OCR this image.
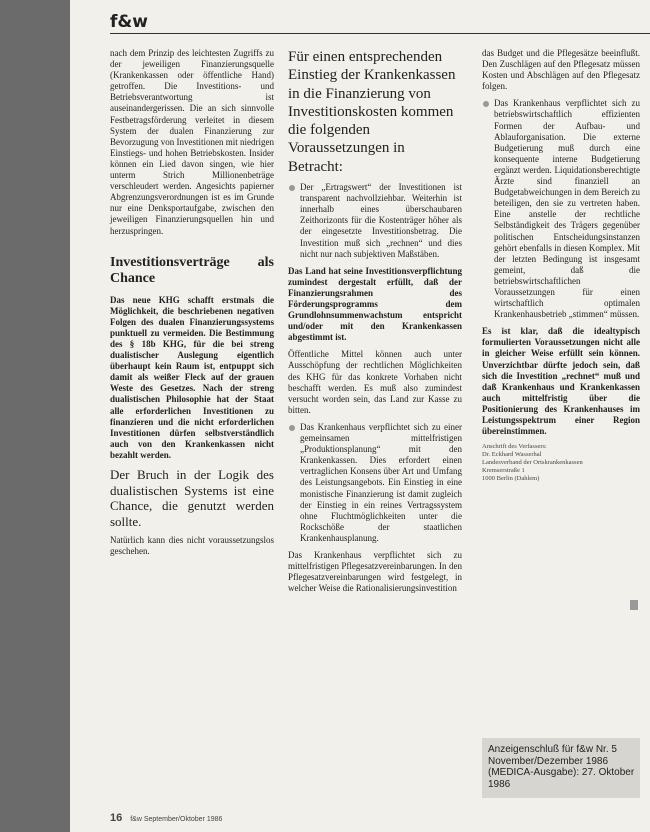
f&w

nach dem Prinzip des leichtesten Zugriffs zu der jeweiligen Finanzierungsquelle (Krankenkassen oder öffentliche Hand) getroffen. Die Investitions- und Betriebsverantwortung ist auseinandergerissen. Die an sich sinnvolle Festbetragsförderung verleitet in diesem System der dualen Finanzierung zur Bevorzugung von Investitionen mit niedrigen Einstiegs- und hohen Betriebskosten. Insider können ein Lied davon singen, wie hier unterm Strich Millionenbeträge verschleudert werden. Angesichts papierner Abgrenzungsverordnungen ist es im Grunde nur eine Denksportaufgabe, zwischen den jeweiligen Finanzierungsquellen hin und herzuspringen.

Investitionsverträge als Chance

Das neue KHG schafft erstmals die Möglichkeit, die beschriebenen negativen Folgen des dualen Finanzierungssystems punktuell zu vermeiden. Die Bestimmung des § 18b KHG, für die bei streng dualistischer Auslegung eigentlich überhaupt kein Raum ist, entpuppt sich damit als weißer Fleck auf der grauen Weste des Gesetzes. Nach der streng dualistischen Philosophie hat der Staat alle erforderlichen Investitionen zu finanzieren und die nicht erforderlichen Investitionen dürfen selbstverständlich auch von den Krankenkassen nicht bezahlt werden.

Der Bruch in der Logik des dualistischen Systems ist eine Chance, die genutzt werden sollte.

Natürlich kann dies nicht voraussetzungslos geschehen.

Für einen entsprechenden Einstieg der Krankenkassen in die Finanzierung von Investitionskosten kommen die folgenden Voraussetzungen in Betracht:

Der „Ertragswert“ der Investitionen ist transparent nachvollziehbar. Weiterhin ist innerhalb eines überschaubaren Zeithorizonts für die Kostenträger höher als der eingesetzte Investitionsbetrag. Die Investition muß sich „rechnen“ und dies nicht nur nach subjektiven Maßstäben.

Das Land hat seine Investitionsverpflichtung zumindest dergestalt erfüllt, daß der Finanzierungsrahmen des Förderungsprogramms dem Grundlohnsummenwachstum entspricht und/oder mit den Krankenkassen abgestimmt ist.

Öffentliche Mittel können auch unter Ausschöpfung der rechtlichen Möglichkeiten des KHG für das konkrete Vorhaben nicht beschafft werden. Es muß also zumindest versucht worden sein, das Land zur Kasse zu bitten.

Das Krankenhaus verpflichtet sich zu einer gemeinsamen mittelfristigen „Produktionsplanung“ mit den Krankenkassen. Dies erfordert einen vertraglichen Konsens über Art und Umfang des Leistungsangebots. Ein Einstieg in eine monistische Finanzierung ist damit zugleich der Einstieg in ein reines Vertragssystem ohne Fluchtmöglichkeiten unter die Rockschöße der staatlichen Krankenhausplanung.

Das Krankenhaus verpflichtet sich zu mittelfristigen Pflegesatzvereinbarungen. In den Pflegesatzvereinbarungen wird festgelegt, in welcher Weise die Rationalisierungsinvestition

das Budget und die Pflegesätze beeinflußt. Den Zuschlägen auf den Pflegesatz müssen Kosten und Abschlägen auf den Pflegesatz folgen.

Das Krankenhaus verpflichtet sich zu betriebswirtschaftlich effizienten Formen der Aufbau- und Ablauforganisation. Die externe Budgetierung muß durch eine konsequente interne Budgetierung ergänzt werden. Liquidationsberechtigte Ärzte sind finanziell an Budgetabweichungen in dem Bereich zu beteiligen, den sie zu vertreten haben. Eine anstelle der rechtliche Selbständigkeit des Trägers gegenüber politischen Entscheidungsinstanzen gehört ebenfalls in diesen Komplex. Mit der letzten Bedingung ist insgesamt gemeint, daß die betriebswirtschaftlichen Voraussetzungen für einen wirtschaftlich optimalen Krankenhausbetrieb „stimmen“ müssen.

Es ist klar, daß die idealtypisch formulierten Voraussetzungen nicht alle in gleicher Weise erfüllt sein können. Unverzichtbar dürfte jedoch sein, daß sich die Investition „rechnet“ muß und daß Krankenhaus und Krankenkassen auch mittelfristig über die Positionierung des Krankenhauses im Leistungsspektrum einer Region übereinstimmen.

Anschrift des Verfassers:
Dr. Eckhard Wasserhal
Landesverband der Ortskrankenkassen
Kremserstraße 1
1000 Berlin (Dahlem)
Anzeigenschluß für f&w Nr. 5 November/Dezember 1986 (MEDICA-Ausgabe): 27. Oktober 1986
16 f&w September/Oktober 1986
